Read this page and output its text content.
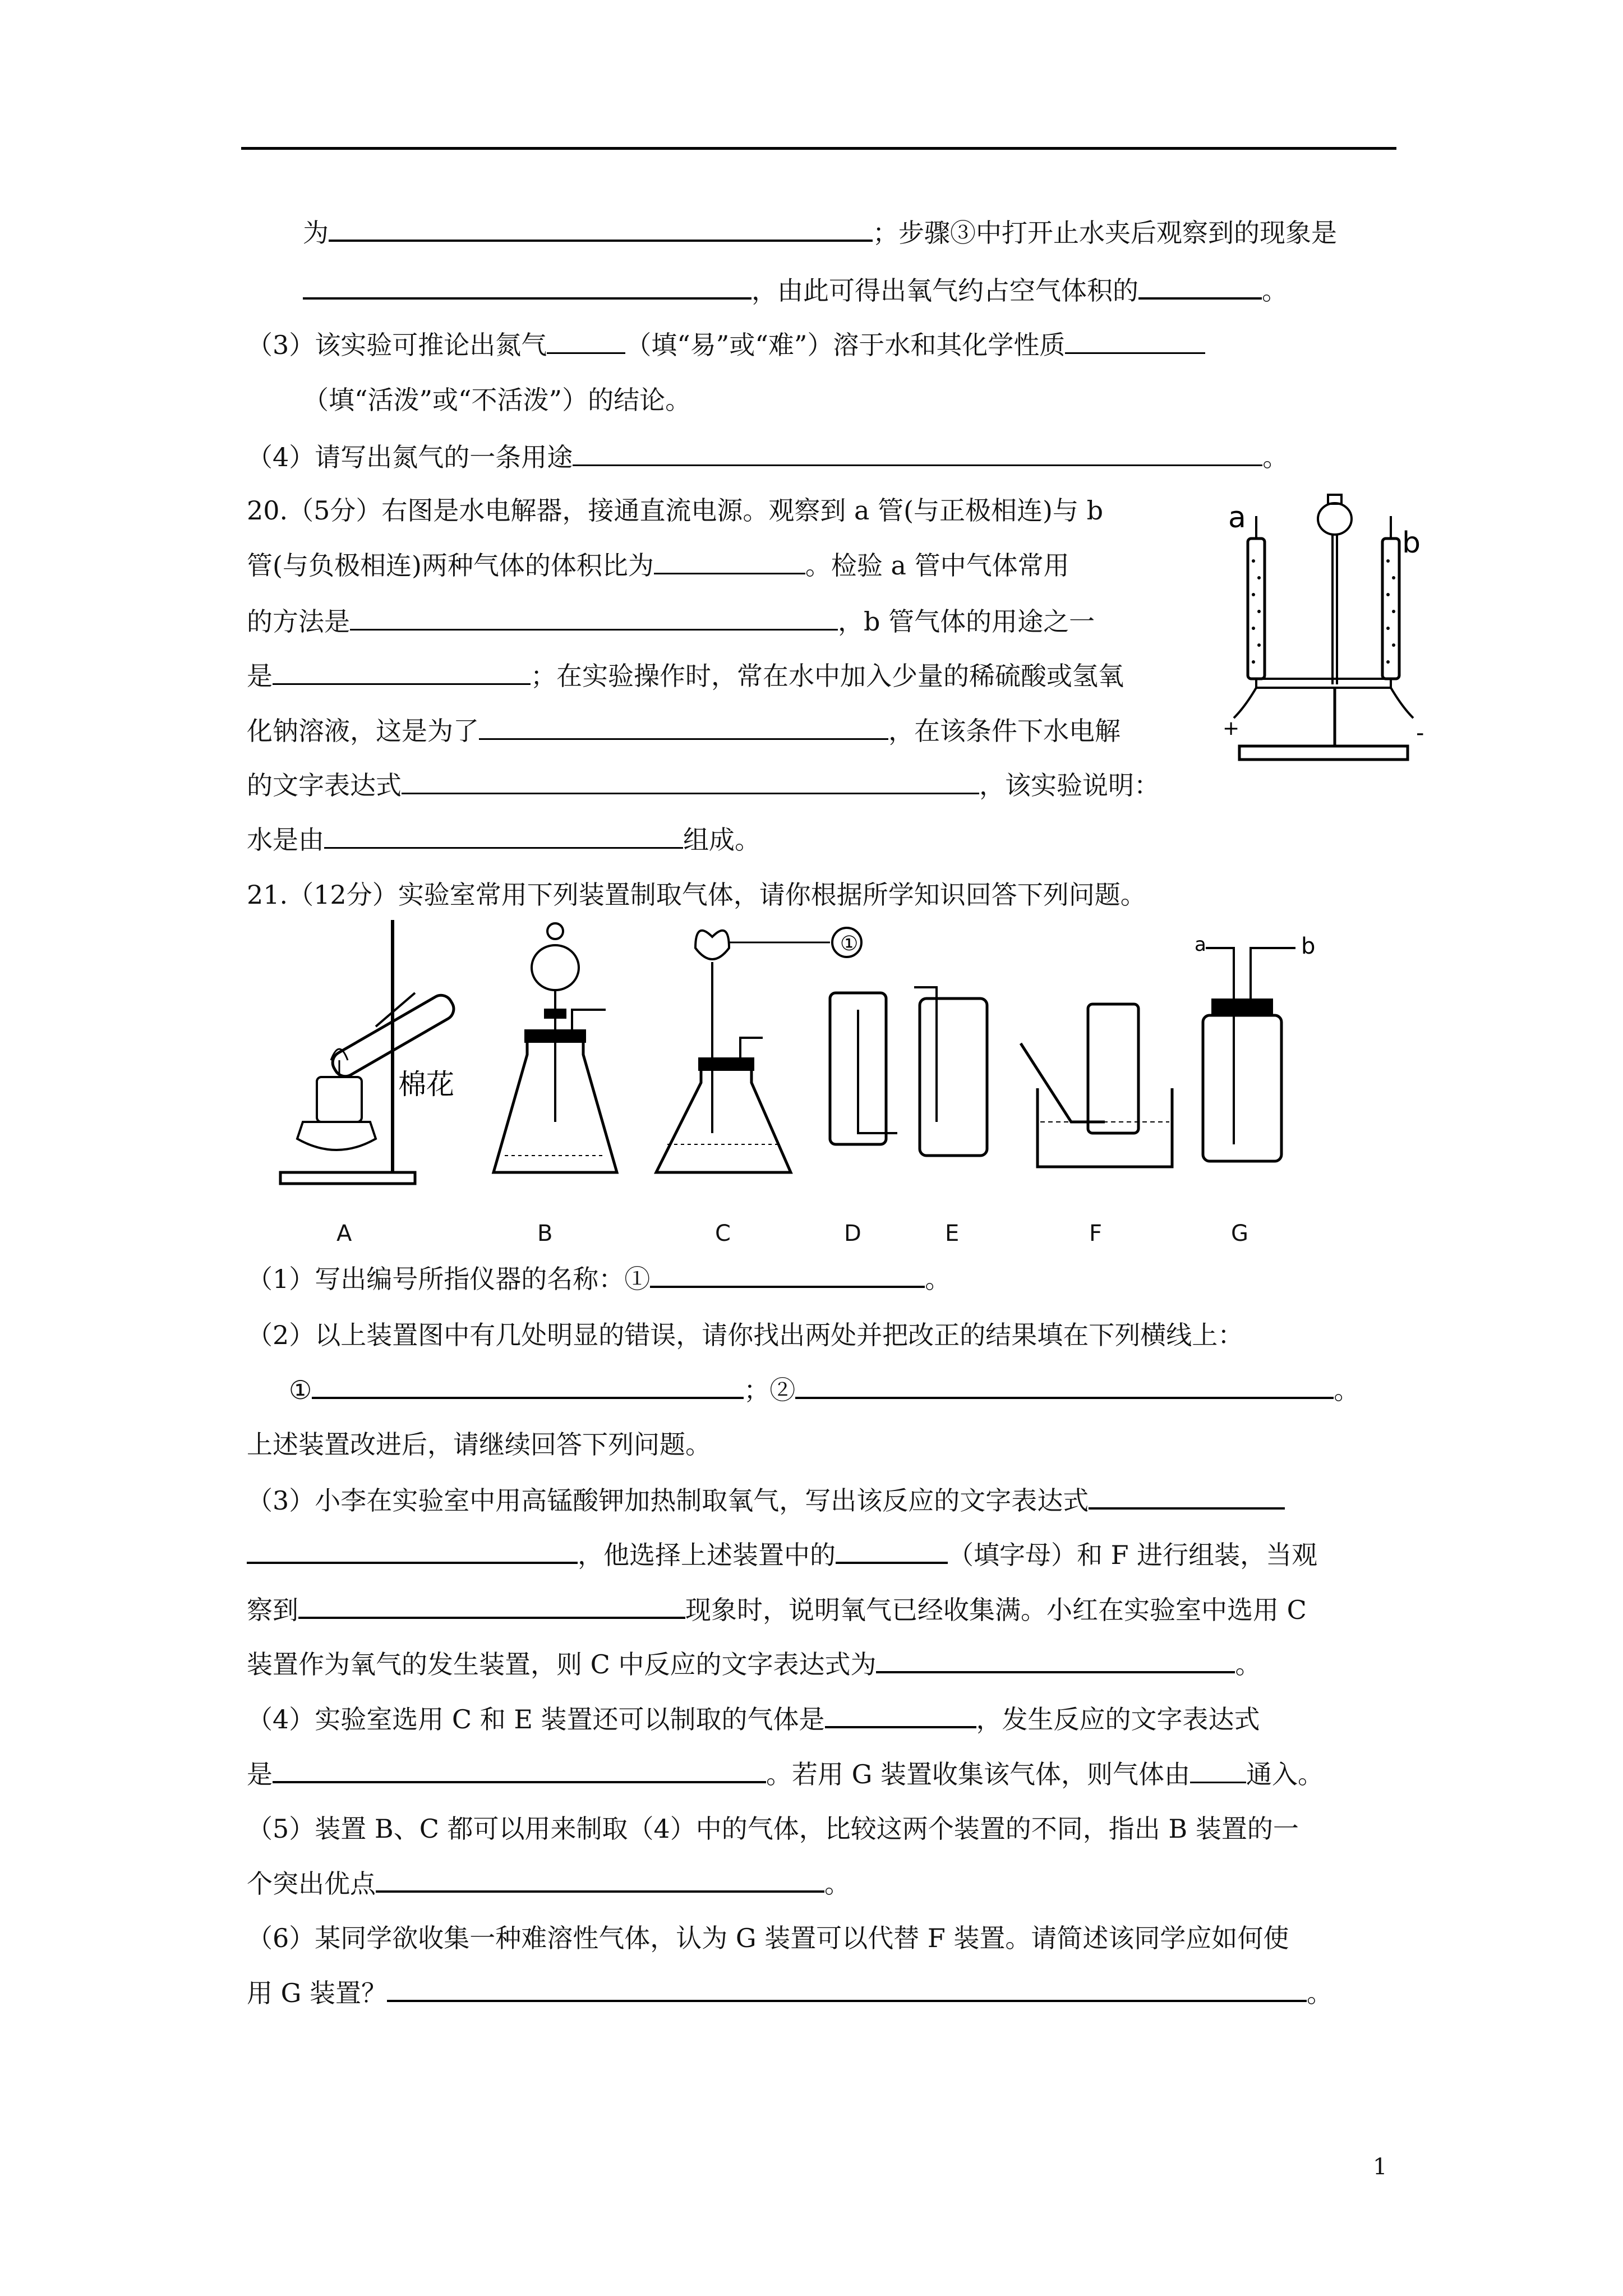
为	；步骤③中打开止水夹后观察到的现象是
，由此可得出氧气约占空气体积的	。
（3）该实验可推论出氮气	（填“易”或“难”）溶于水和其化学性质
（填“活泼”或“不活泼”）的结论。
（4）请写出氮气的一条用途	。
20.（5分）右图是水电解器，接通直流电源。观察到 a 管(与正极相连)与 b
管(与负极相连)两种气体的体积比为	。检验 a 管中气体常用
的方法是	，b 管气体的用途之一
是	；在实验操作时，常在水中加入少量的稀硫酸或氢氧
化钠溶液，这是为了	，在该条件下水电解
的文字表达式	，该实验说明：
水是由	组成。
a
b
+	-
21.（12分）实验室常用下列装置制取气体，请你根据所学知识回答下列问题。
棉花
①	a	b
A	B	C	D	E	F	G
（1）写出编号所指仪器的名称：①	。
（2）以上装置图中有几处明显的错误，请你找出两处并把改正的结果填在下列横线上：
①	；②	。
上述装置改进后，请继续回答下列问题。
（3）小李在实验室中用高锰酸钾加热制取氧气，写出该反应的文字表达式
，他选择上述装置中的	（填字母）和 F 进行组装，当观
察到	现象时，说明氧气已经收集满。小红在实验室中选用 C
装置作为氧气的发生装置，则 C 中反应的文字表达式为	。
（4）实验室选用 C 和 E 装置还可以制取的气体是	，发生反应的文字表达式
是	。若用 G 装置收集该气体，则气体由 通入。
（5）装置 B、C 都可以用来制取（4）中的气体，比较这两个装置的不同，指出 B 装置的一
个突出优点	。
（6）某同学欲收集一种难溶性气体，认为 G 装置可以代替 F 装置。请简述该同学应如何使
用 G 装置？	。
1
